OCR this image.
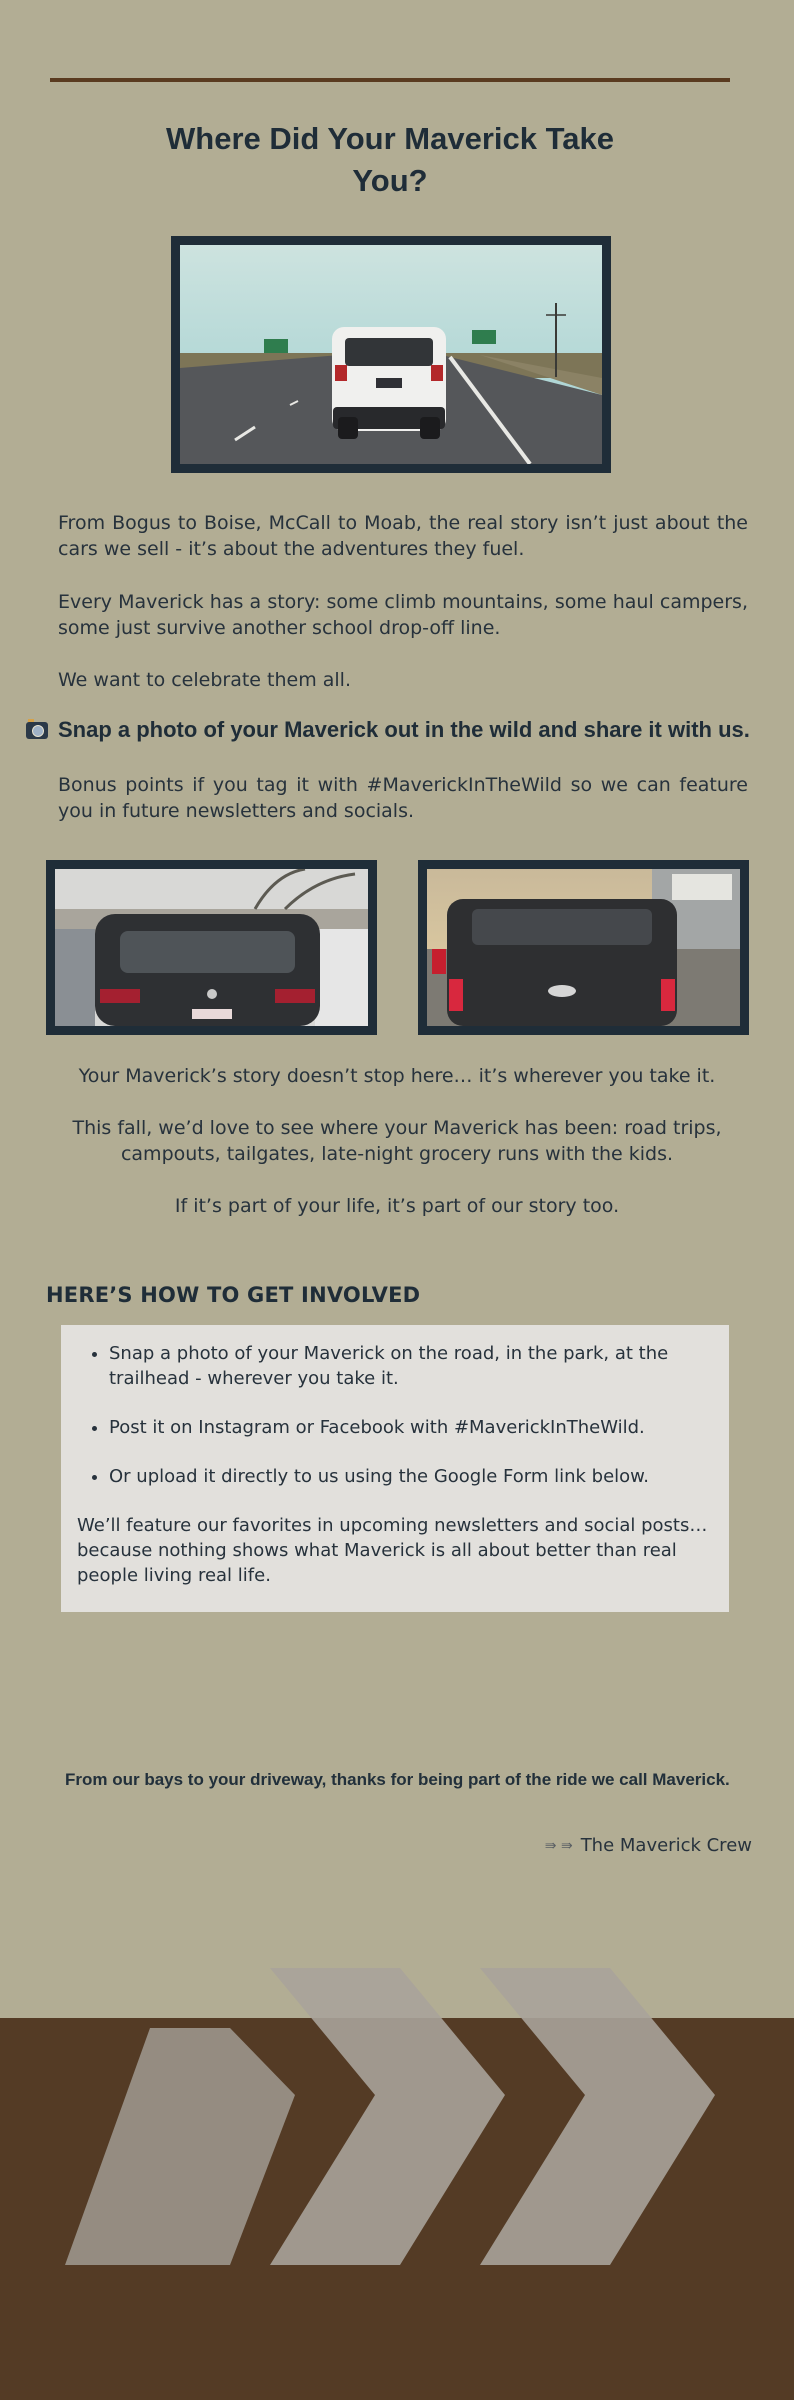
Where Did Your Maverick Take You?

From Bogus to Boise, McCall to Moab, the real story isn’t just about the cars we sell - it’s about the adventures they fuel.

Every Maverick has a story: some climb mountains, some haul campers, some just survive another school drop-off line.

We want to celebrate them all.

Snap a photo of your Maverick out in the wild and share it with us.

Bonus points if you tag it with #MaverickInTheWild so we can feature you in future newsletters and socials.

Your Maverick’s story doesn’t stop here… it’s wherever you take it.

This fall, we’d love to see where your Maverick has been: road trips, campouts, tailgates, late-night grocery runs with the kids.

If it’s part of your life, it’s part of our story too.

HERE’S HOW TO GET INVOLVED
• Snap a photo of your Maverick on the road, in the park, at the trailhead - wherever you take it.
• Post it on Instagram or Facebook with #MaverickInTheWild.
• Or upload it directly to us using the Google Form link below.

We’ll feature our favorites in upcoming newsletters and social posts… because nothing shows what Maverick is all about better than real people living real life.

From our bays to your driveway, thanks for being part of the ride we call Maverick.

⇛ ⇛ The Maverick Crew
